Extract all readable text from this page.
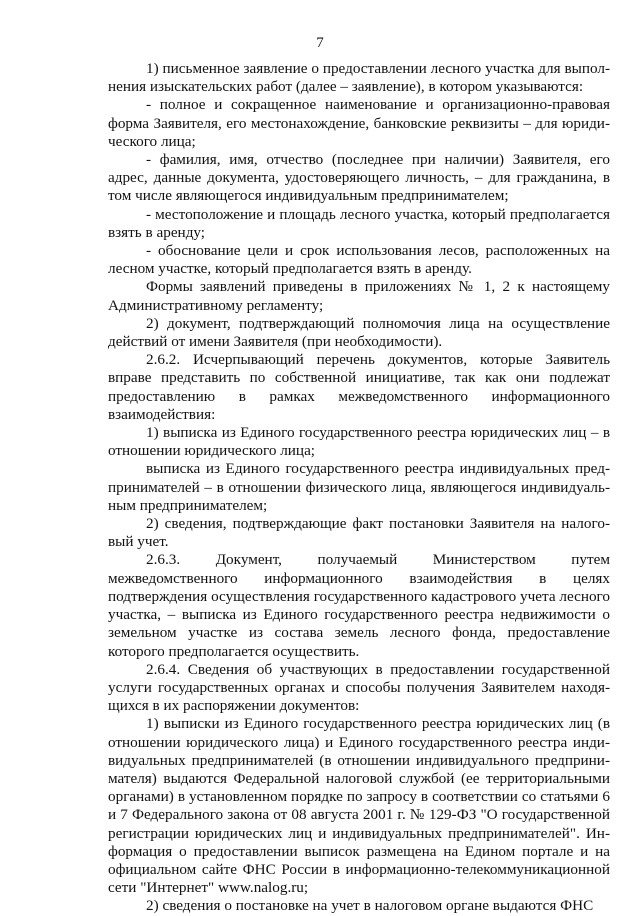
7

1) письменное заявление о предоставлении лесного участка для выполнения изыскательских работ (далее – заявление), в котором указываются:

- полное и сокращенное наименование и организационно-правовая форма Заявителя, его местонахождение, банковские реквизиты – для юридического лица;

- фамилия, имя, отчество (последнее при наличии) Заявителя, его адрес, данные документа, удостоверяющего личность, – для гражданина, в том числе являющегося индивидуальным предпринимателем;

- местоположение и площадь лесного участка, который предполагается взять в аренду;

- обоснование цели и срок использования лесов, расположенных на лесном участке, который предполагается взять в аренду.

Формы заявлений приведены в приложениях № 1, 2 к настоящему Административному регламенту;

2) документ, подтверждающий полномочия лица на осуществление действий от имени Заявителя (при необходимости).

2.6.2. Исчерпывающий перечень документов, которые Заявитель вправе представить по собственной инициативе, так как они подлежат предоставлению в рамках межведомственного информационного взаимодействия:

1) выписка из Единого государственного реестра юридических лиц – в отношении юридического лица;

выписка из Единого государственного реестра индивидуальных предпринимателей – в отношении физического лица, являющегося индивидуальным предпринимателем;

2) сведения, подтверждающие факт постановки Заявителя на налоговый учет.

2.6.3. Документ, получаемый Министерством путем межведомственного информационного взаимодействия в целях подтверждения осуществления государственного кадастрового учета лесного участка, – выписка из Единого государственного реестра недвижимости о земельном участке из состава земель лесного фонда, предоставление которого предполагается осуществить.

2.6.4. Сведения об участвующих в предоставлении государственной услуги государственных органах и способы получения Заявителем находящихся в их распоряжении документов:

1) выписки из Единого государственного реестра юридических лиц (в отношении юридического лица) и Единого государственного реестра индивидуальных предпринимателей (в отношении индивидуального предпринимателя) выдаются Федеральной налоговой службой (ее территориальными органами) в установленном порядке по запросу в соответствии со статьями 6 и 7 Федерального закона от 08 августа 2001 г. № 129-ФЗ "О государственной регистрации юридических лиц и индивидуальных предпринимателей". Информация о предоставлении выписок размещена на Едином портале и на официальном сайте ФНС России в информационно-телекоммуникационной сети "Интернет" www.nalog.ru;

2) сведения о постановке на учет в налоговом органе выдаются ФНС
